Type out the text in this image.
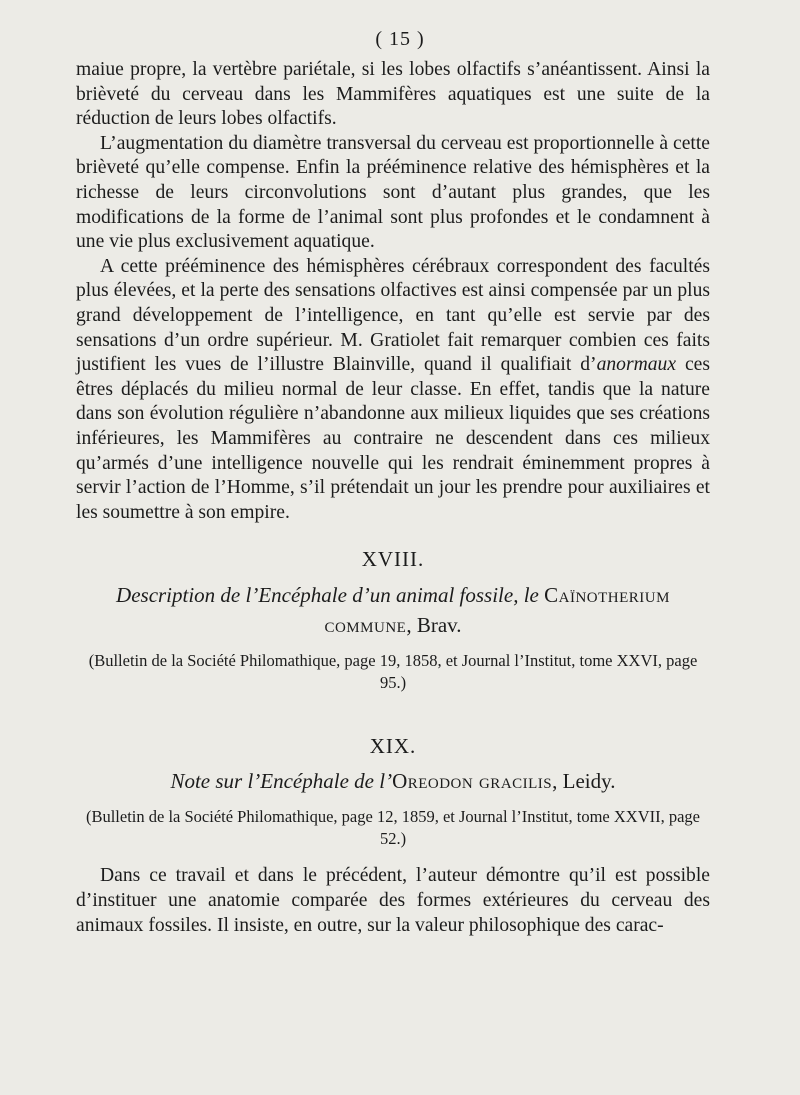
( 15 )

maiue propre, la vertèbre pariétale, si les lobes olfactifs s’anéantissent. Ainsi la brièveté du cerveau dans les Mammifères aquatiques est une suite de la réduction de leurs lobes olfactifs.

L’augmentation du diamètre transversal du cerveau est proportionnelle à cette brièveté qu’elle compense. Enfin la prééminence relative des hémisphères et la richesse de leurs circonvolutions sont d’autant plus grandes, que les modifications de la forme de l’animal sont plus profondes et le condamnent à une vie plus exclusivement aquatique.

A cette prééminence des hémisphères cérébraux correspondent des facultés plus élevées, et la perte des sensations olfactives est ainsi compensée par un plus grand développement de l’intelligence, en tant qu’elle est servie par des sensations d’un ordre supérieur. M. Gratiolet fait remarquer combien ces faits justifient les vues de l’illustre Blainville, quand il qualifiait d’anormaux ces êtres déplacés du milieu normal de leur classe. En effet, tandis que la nature dans son évolution régulière n’abandonne aux milieux liquides que ses créations inférieures, les Mammifères au contraire ne descendent dans ces milieux qu’armés d’une intelligence nouvelle qui les rendrait éminemment propres à servir l’action de l’Homme, s’il prétendait un jour les prendre pour auxiliaires et les soumettre à son empire.

XVIII.

Description de l’Encéphale d’un animal fossile, le Caïnotherium commune, Brav.

(Bulletin de la Société Philomathique, page 19, 1858, et Journal l’Institut, tome XXVI, page 95.)

XIX.

Note sur l’Encéphale de l’Oreodon gracilis, Leidy.

(Bulletin de la Société Philomathique, page 12, 1859, et Journal l’Institut, tome XXVII, page 52.)

Dans ce travail et dans le précédent, l’auteur démontre qu’il est possible d’instituer une anatomie comparée des formes extérieures du cerveau des animaux fossiles. Il insiste, en outre, sur la valeur philosophique des carac-
